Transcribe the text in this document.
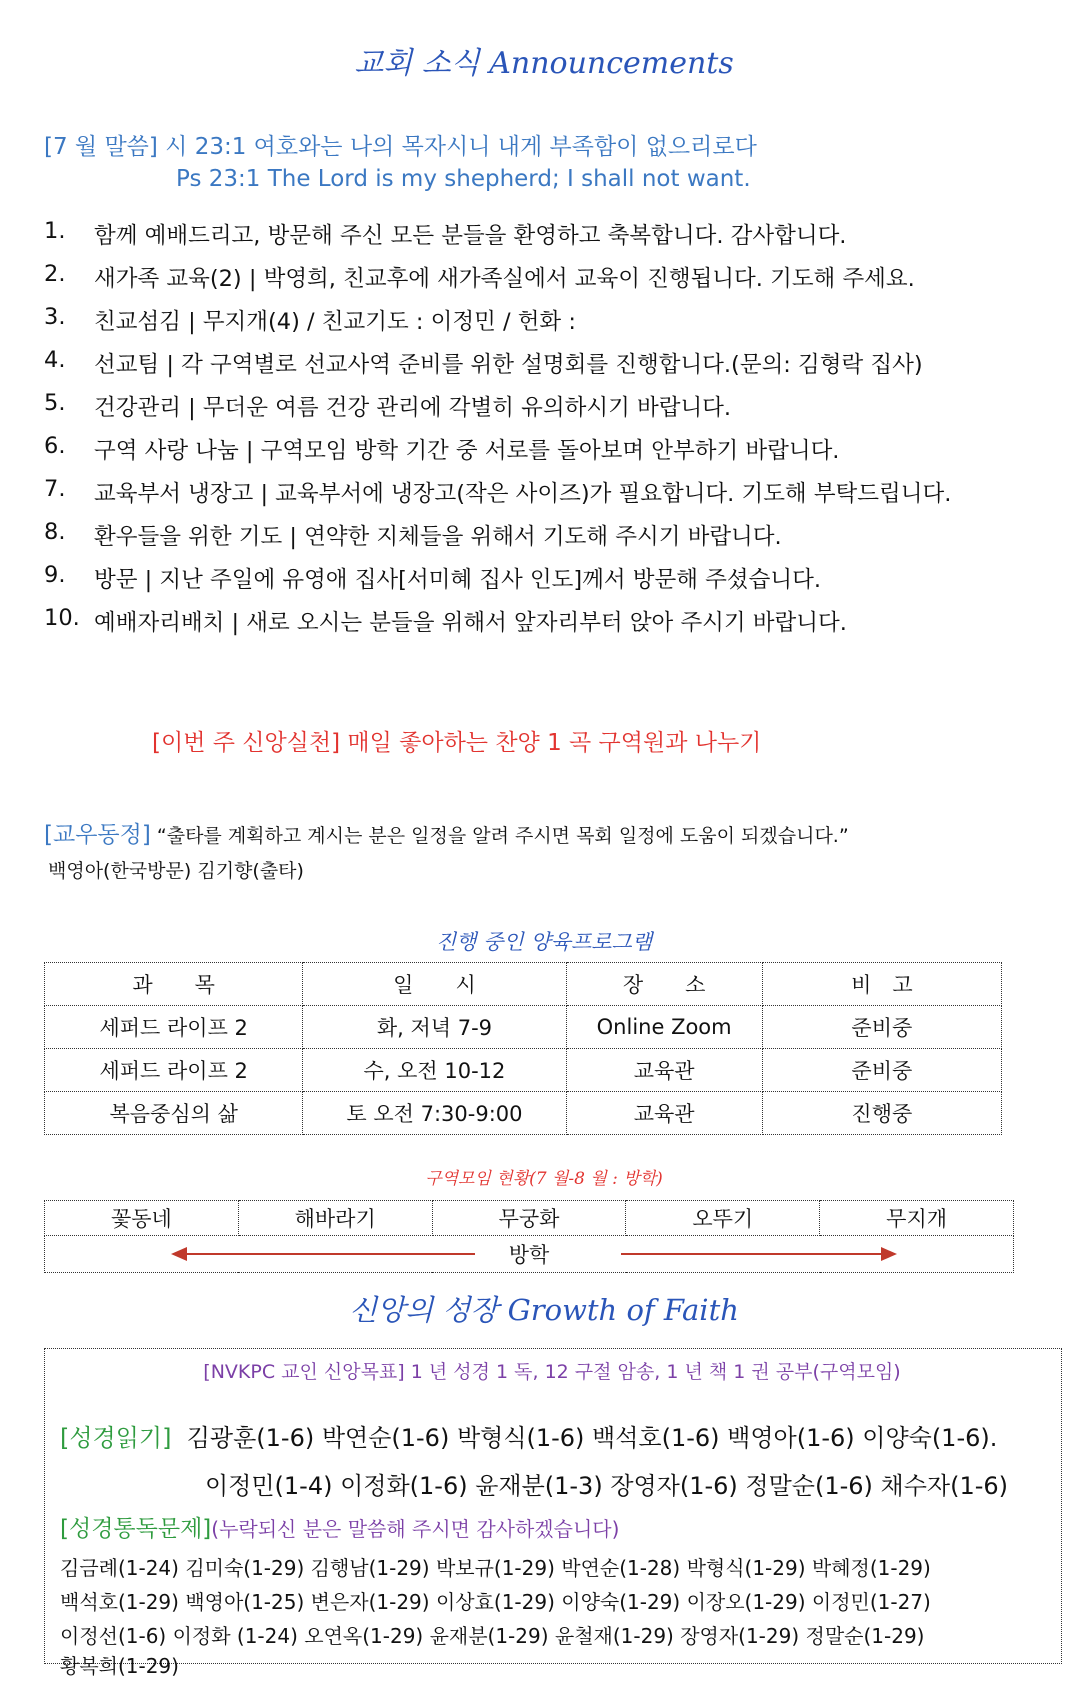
교회 소식 Announcements
[7 월 말씀] 시 23:1 여호와는 나의 목자시니 내게 부족함이 없으리로다
Ps 23:1 The Lord is my shepherd; I shall not want.
1.	함께 예배드리고, 방문해 주신 모든 분들을 환영하고 축복합니다. 감사합니다.
2.	새가족 교육(2) | 박영희, 친교후에 새가족실에서 교육이 진행됩니다. 기도해 주세요.
3.	친교섬김 | 무지개(4) / 친교기도 : 이정민 / 헌화 :
4.	선교팀 | 각 구역별로 선교사역 준비를 위한 설명회를 진행합니다.(문의: 김형락 집사)
5.	건강관리 | 무더운 여름 건강 관리에 각별히 유의하시기 바랍니다.
6.	구역 사랑 나눔 | 구역모임 방학 기간 중 서로를 돌아보며 안부하기 바랍니다.
7.	교육부서 냉장고 | 교육부서에 냉장고(작은 사이즈)가 필요합니다. 기도해 부탁드립니다.
8.	환우들을 위한 기도 | 연약한 지체들을 위해서 기도해 주시기 바랍니다.
9.	방문 | 지난 주일에 유영애 집사[서미혜 집사 인도]께서 방문해 주셨습니다.
10. 예배자리배치 | 새로 오시는 분들을 위해서 앞자리부터 앉아 주시기 바랍니다.
[이번 주 신앙실천] 매일 좋아하는 찬양 1 곡 구역원과 나누기
[교우동정] “출타를 계획하고 계시는 분은 일정을 알려 주시면 목회 일정에 도움이 되겠습니다.”
백영아(한국방문) 김기향(출타)
진행 중인 양육프로그램
과　　목	일　　시	장　　소	비　고
세퍼드 라이프 2	화, 저녁 7-9	Online Zoom	준비중
세퍼드 라이프 2	수, 오전 10-12	교육관	준비중
복음중심의 삶	토 오전 7:30-9:00	교육관	진행중
구역모임 현황(7 월-8 월 : 방학)
꽃동네	해바라기	무궁화	오뚜기	무지개

방학
신앙의 성장 Growth of Faith
[NVKPC 교인 신앙목표] 1 년 성경 1 독, 12 구절 암송, 1 년 책 1 권 공부(구역모임)
[성경읽기] 김광훈(1-6) 박연순(1-6) 박형식(1-6) 백석호(1-6) 백영아(1-6) 이양숙(1-6).
이정민(1-4) 이정화(1-6) 윤재분(1-3) 장영자(1-6) 정말순(1-6) 채수자(1-6)
[성경통독문제](누락되신 분은 말씀해 주시면 감사하겠습니다)
김금례(1-24) 김미숙(1-29) 김행남(1-29) 박보규(1-29) 박연순(1-28) 박형식(1-29) 박혜정(1-29)
백석호(1-29) 백영아(1-25) 변은자(1-29) 이상효(1-29) 이양숙(1-29) 이장오(1-29) 이정민(1-27)
이정선(1-6) 이정화 (1-24) 오연옥(1-29) 윤재분(1-29) 윤철재(1-29) 장영자(1-29) 정말순(1-29)
황복희(1-29)
